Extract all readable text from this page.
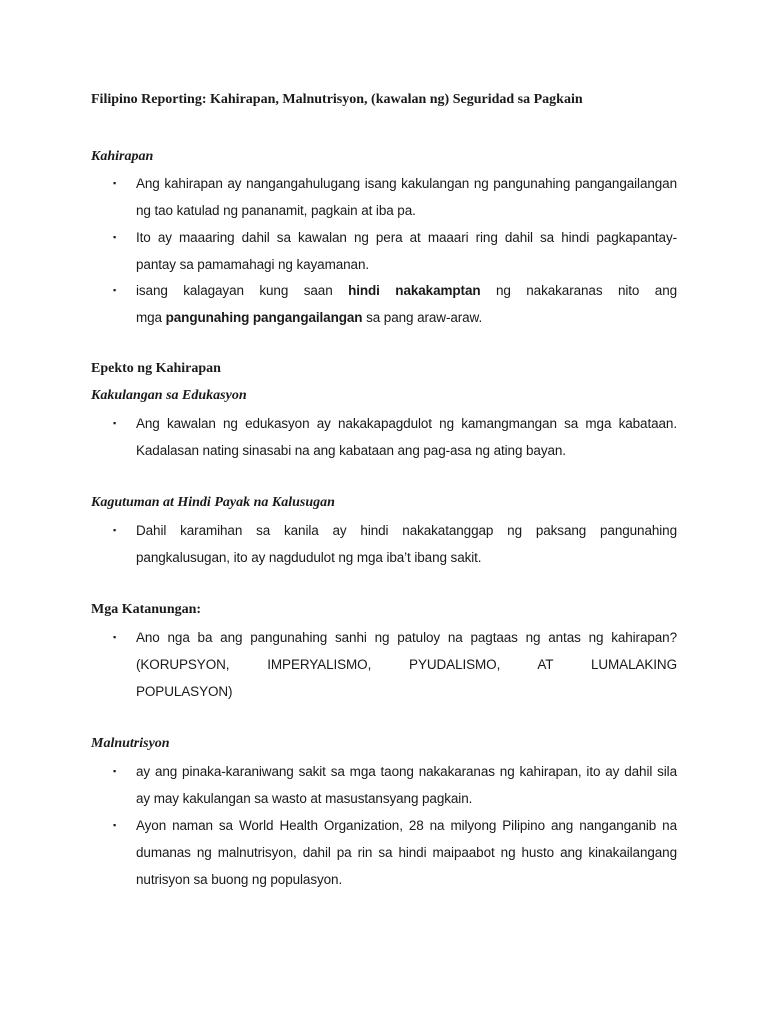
Filipino Reporting: Kahirapan, Malnutrisyon, (kawalan ng) Seguridad sa Pagkain
Kahirapan
▪ Ang kahirapan ay nangangahulugang isang kakulangan ng pangunahing pangangailangan
ng tao katulad ng pananamit, pagkain at iba pa.
▪ Ito ay maaaring dahil sa kawalan ng pera at maaari ring dahil sa hindi pagkapantay-
pantay sa pamamahagi ng kayamanan.
▪ isang kalagayan kung saan hindi nakakamptan ng nakakaranas nito ang
mga pangunahing pangangailangan sa pang araw-araw.
Epekto ng Kahirapan
Kakulangan sa Edukasyon
▪ Ang kawalan ng edukasyon ay nakakapagdulot ng kamangmangan sa mga kabataan.
Kadalasan nating sinasabi na ang kabataan ang pag-asa ng ating bayan.
Kagutuman at Hindi Payak na Kalusugan
▪ Dahil karamihan sa kanila ay hindi nakakatanggap ng paksang pangunahing
pangkalusugan, ito ay nagdudulot ng mga iba’t ibang sakit.
Mga Katanungan:
▪ Ano nga ba ang pangunahing sanhi ng patuloy na pagtaas ng antas ng kahirapan?
(KORUPSYON, IMPERYALISMO, PYUDALISMO, AT LUMALAKING
POPULASYON)
Malnutrisyon
▪ ay ang pinaka-karaniwang sakit sa mga taong nakakaranas ng kahirapan, ito ay dahil sila
ay may kakulangan sa wasto at masustansyang pagkain.
▪ Ayon naman sa World Health Organization, 28 na milyong Pilipino ang nanganganib na
dumanas ng malnutrisyon, dahil pa rin sa hindi maipaabot ng husto ang kinakailangang
nutrisyon sa buong ng populasyon.
